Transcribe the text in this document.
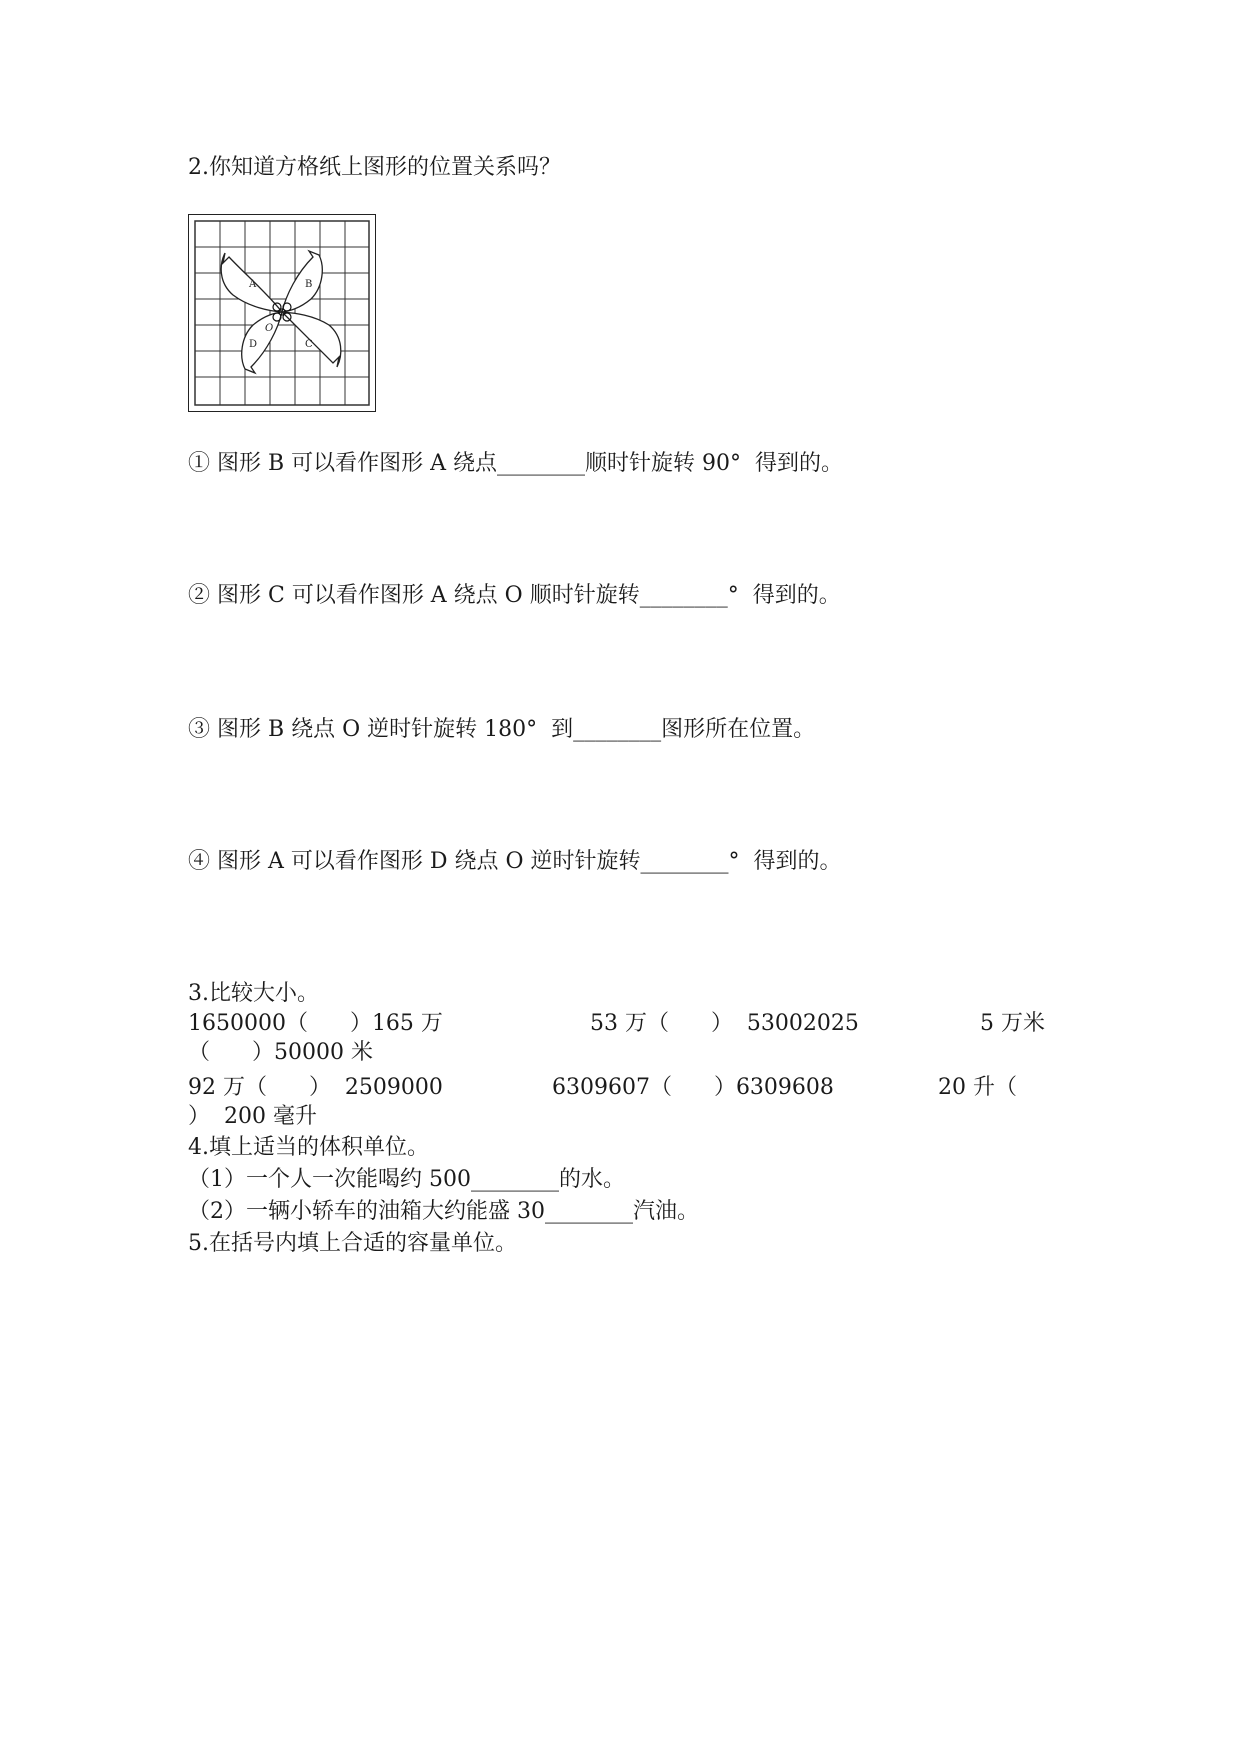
2.你知道方格纸上图形的位置关系吗？
A	B
C
D
O
① 图形 B 可以看作图形 A 绕点________顺时针旋转 90°  得到的。
② 图形 C 可以看作图形 A 绕点 O 顺时针旋转________°  得到的。
③ 图形 B 绕点 O 逆时针旋转 180°  到________图形所在位置。
④ 图形 A 可以看作图形 D 绕点 O 逆时针旋转________°  得到的。
3.比较大小。
1650000（      ）165 万	53 万（      ）  53002025	5 万米
（      ）50000 米
92 万（      ）  2509000	6309607（      ）6309608	20 升（
）  200 毫升
4.填上适当的体积单位。
（1）一个人一次能喝约 500________的水。
（2）一辆小轿车的油箱大约能盛 30________汽油。
5.在括号内填上合适的容量单位。
